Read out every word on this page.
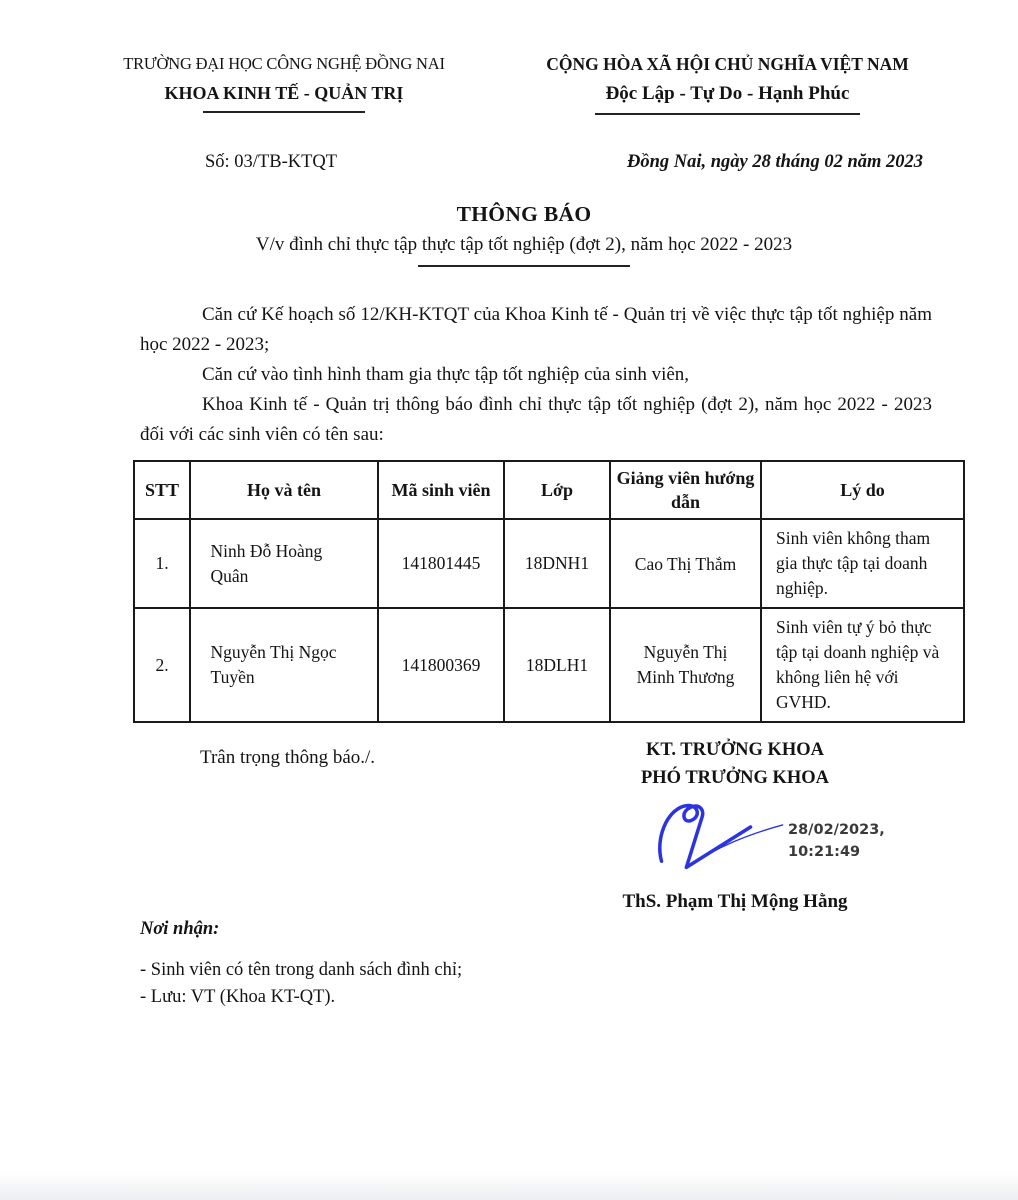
TRƯỜNG ĐẠI HỌC CÔNG NGHỆ ĐỒNG NAI
KHOA KINH TẾ - QUẢN TRỊ
CỘNG HÒA XÃ HỘI CHỦ NGHĨA VIỆT NAM
Độc Lập - Tự Do - Hạnh Phúc
Số: 03/TB-KTQT	Đồng Nai, ngày 28 tháng 02 năm 2023
THÔNG BÁO
V/v đình chỉ thực tập thực tập tốt nghiệp (đợt 2), năm học 2022 - 2023

Căn cứ Kế hoạch số 12/KH-KTQT của Khoa Kinh tế - Quản trị về việc thực tập tốt nghiệp năm học 2022 - 2023;

Căn cứ vào tình hình tham gia thực tập tốt nghiệp của sinh viên,

Khoa Kinh tế - Quản trị thông báo đình chỉ thực tập tốt nghiệp (đợt 2), năm học 2022 - 2023 đối với các sinh viên có tên sau:

STT	Họ và tên	Mã sinh viên	Lớp	Giảng viên hướng dẫn	Lý do
1.	Ninh Đỗ Hoàng Quân	141801445	18DNH1	Cao Thị Thắm	Sinh viên không tham gia thực tập tại doanh nghiệp.
2.	Nguyễn Thị Ngọc Tuyền	141800369	18DLH1	Nguyễn Thị Minh Thương	Sinh viên tự ý bỏ thực tập tại doanh nghiệp và không liên hệ với GVHD.
Trân trọng thông báo./.	KT. TRƯỞNG KHOA
PHÓ TRƯỞNG KHOA
28/02/2023,
10:21:49
ThS. Phạm Thị Mộng Hằng
Nơi nhận:
- Sinh viên có tên trong danh sách đình chỉ;
- Lưu: VT (Khoa KT-QT).
